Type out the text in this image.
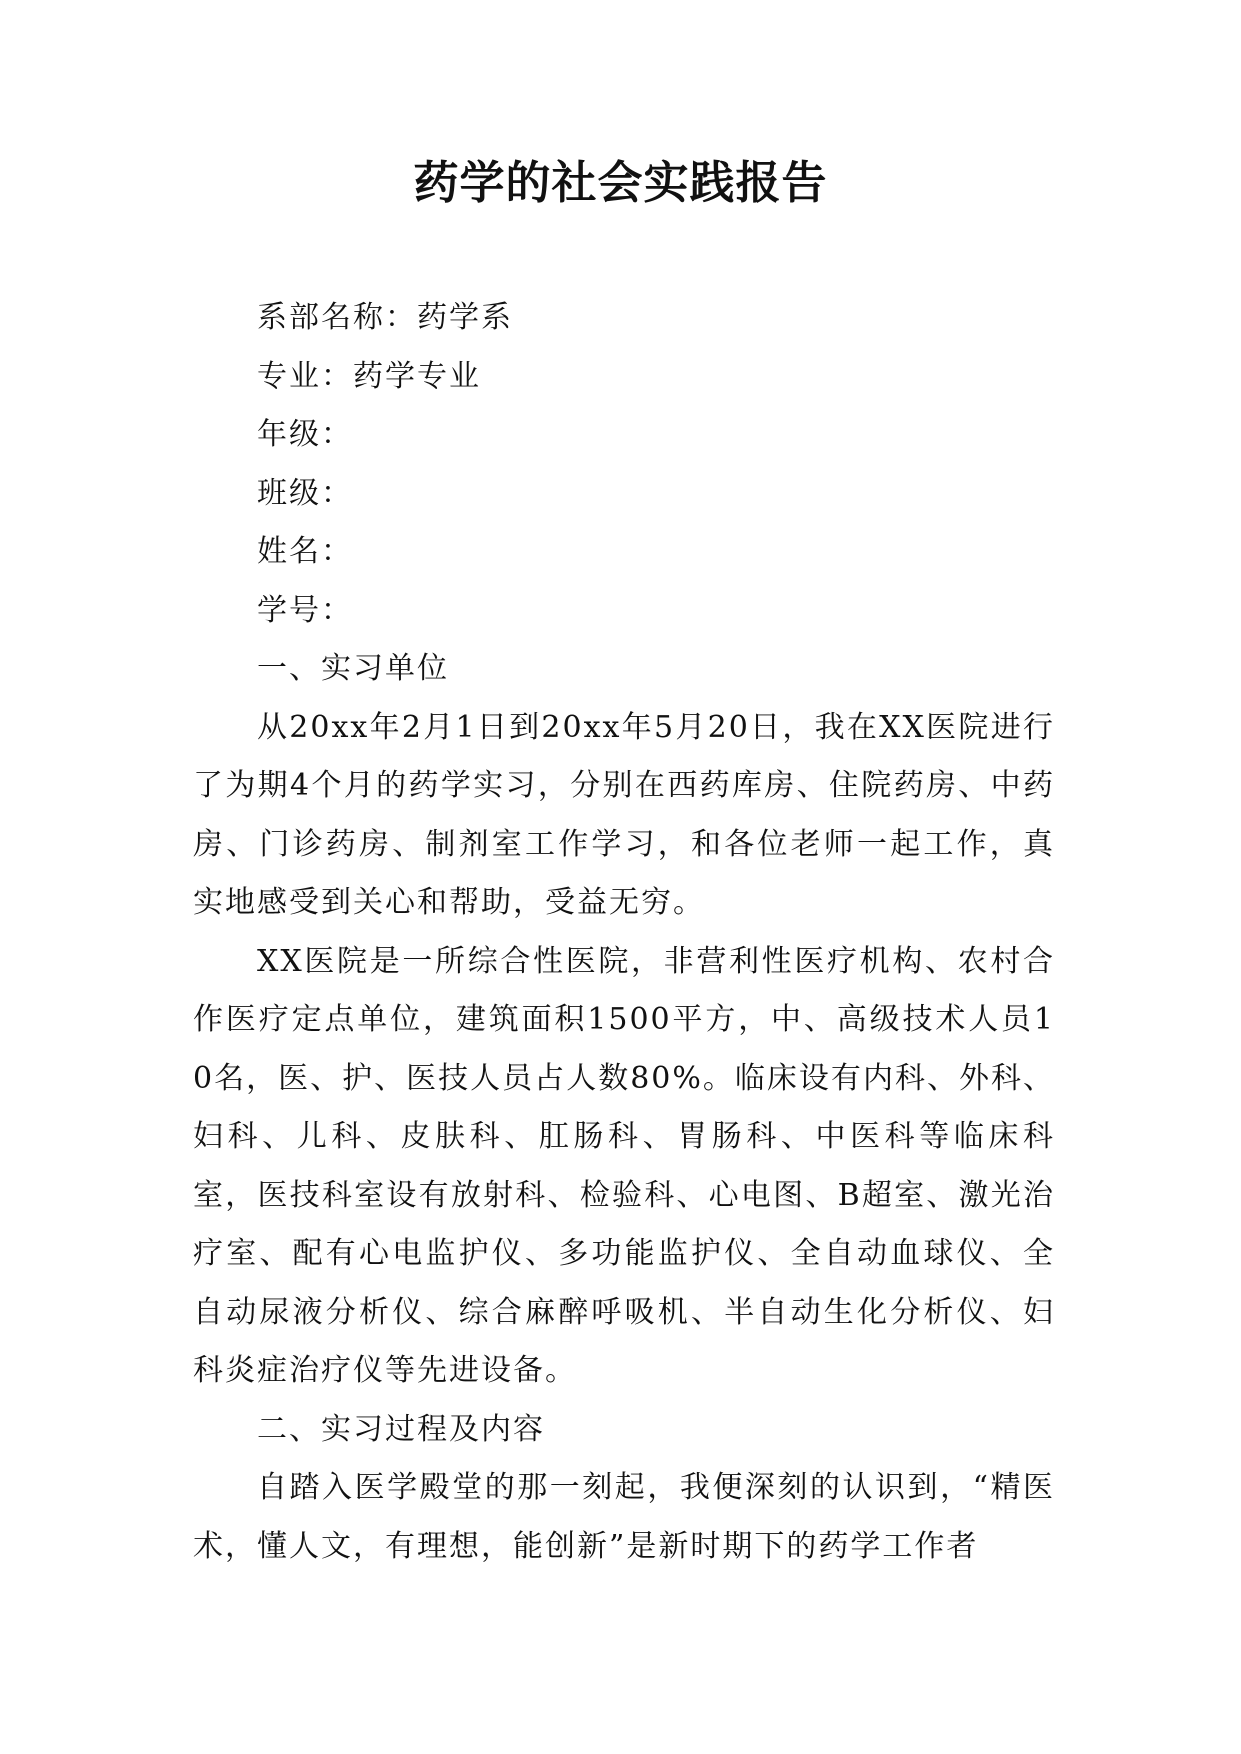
药学的社会实践报告

系部名称：药学系

专业：药学专业

年级：

班级：

姓名：

学号：

一、实习单位

从20xx年2月1日到20xx年5月20日，我在XX医院进行了为期4个月的药学实习，分别在西药库房、住院药房、中药房、门诊药房、制剂室工作学习，和各位老师一起工作，真实地感受到关心和帮助，受益无穷。

XX医院是一所综合性医院，非营利性医疗机构、农村合作医疗定点单位，建筑面积1500平方，中、高级技术人员10名，医、护、医技人员占人数80%。临床设有内科、外科、妇科、儿科、皮肤科、肛肠科、胃肠科、中医科等临床科室，医技科室设有放射科、检验科、心电图、B超室、激光治疗室、配有心电监护仪、多功能监护仪、全自动血球仪、全自动尿液分析仪、综合麻醉呼吸机、半自动生化分析仪、妇科炎症治疗仪等先进设备。

二、实习过程及内容

自踏入医学殿堂的那一刻起，我便深刻的认识到，“精医术，懂人文，有理想，能创新”是新时期下的药学工作者
